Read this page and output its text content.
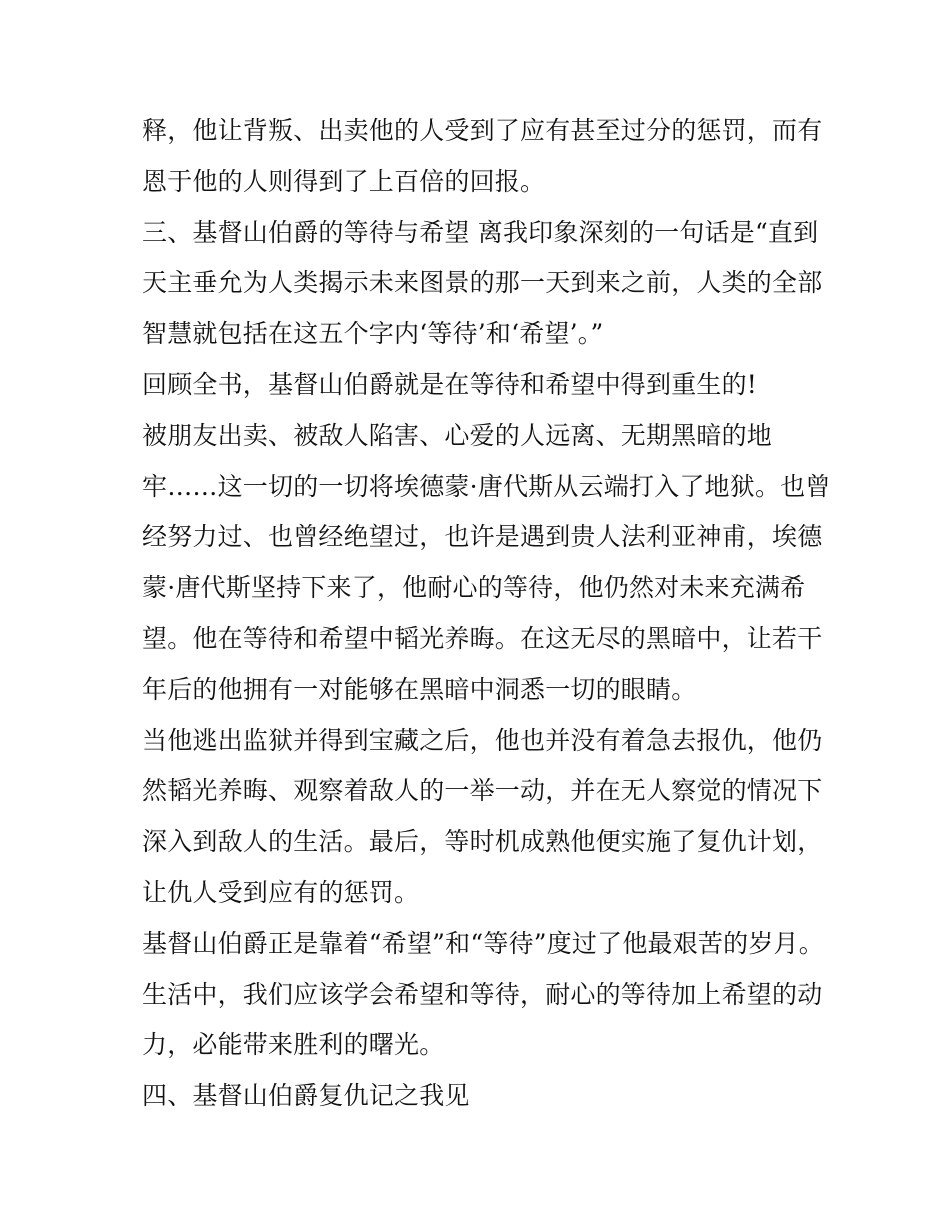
释，他让背叛、出卖他的人受到了应有甚至过分的惩罚，而有
恩于他的人则得到了上百倍的回报。
三、基督山伯爵的等待与希望 离我印象深刻的一句话是“直到
天主垂允为人类揭示未来图景的那一天到来之前，人类的全部
智慧就包括在这五个字内‘等待’和‘希望’。”
回顾全书，基督山伯爵就是在等待和希望中得到重生的!
被朋友出卖、被敌人陷害、心爱的人远离、无期黑暗的地
牢……这一切的一切将埃德蒙·唐代斯从云端打入了地狱。也曾
经努力过、也曾经绝望过，也许是遇到贵人法利亚神甫，埃德
蒙·唐代斯坚持下来了，他耐心的等待，他仍然对未来充满希
望。他在等待和希望中韬光养晦。在这无尽的黑暗中，让若干
年后的他拥有一对能够在黑暗中洞悉一切的眼睛。
当他逃出监狱并得到宝藏之后，他也并没有着急去报仇，他仍
然韬光养晦、观察着敌人的一举一动，并在无人察觉的情况下
深入到敌人的生活。最后，等时机成熟他便实施了复仇计划，
让仇人受到应有的惩罚。
基督山伯爵正是靠着“希望”和“等待”度过了他最艰苦的岁月。
生活中，我们应该学会希望和等待，耐心的等待加上希望的动
力，必能带来胜利的曙光。
四、基督山伯爵复仇记之我见
